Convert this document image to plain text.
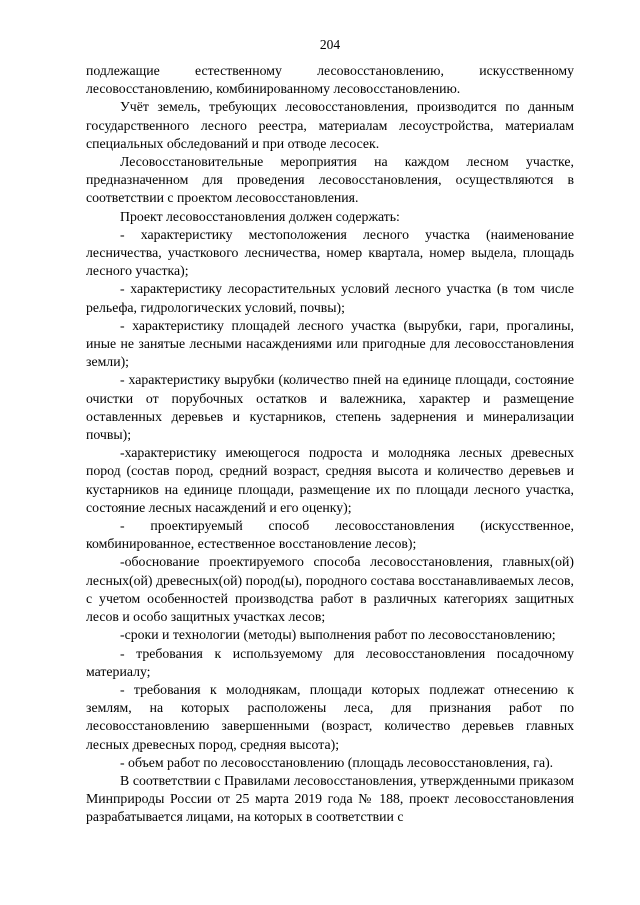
204

подлежащие естественному лесовосстановлению, искусственному лесовосстановлению, комбинированному лесовосстановлению.

Учёт земель, требующих лесовосстановления, производится по данным государственного лесного реестра, материалам лесоустройства, материалам специальных обследований и при отводе лесосек.

Лесовосстановительные мероприятия на каждом лесном участке, предназначенном для проведения лесовосстановления, осуществляются в соответствии с проектом лесовосстановления.

Проект лесовосстановления должен содержать:

- характеристику местоположения лесного участка (наименование лесничества, участкового лесничества, номер квартала, номер выдела, площадь лесного участка);

- характеристику лесорастительных условий лесного участка (в том числе рельефа, гидрологических условий, почвы);

- характеристику площадей лесного участка (вырубки, гари, прогалины, иные не занятые лесными насаждениями или пригодные для лесовосстановления земли);

- характеристику вырубки (количество пней на единице площади, состояние очистки от порубочных остатков и валежника, характер и размещение оставленных деревьев и кустарников, степень задернения и минерализации почвы);

-характеристику имеющегося подроста и молодняка лесных древесных пород (состав пород, средний возраст, средняя высота и количество деревьев и кустарников на единице площади, размещение их по площади лесного участка, состояние лесных насаждений и его оценку);

- проектируемый способ лесовосстановления (искусственное, комбинированное, естественное восстановление лесов);

-обоснование проектируемого способа лесовосстановления, главных(ой) лесных(ой) древесных(ой) пород(ы), породного состава восстанавливаемых лесов, с учетом особенностей производства работ в различных категориях защитных лесов и особо защитных участках лесов;

-сроки и технологии (методы) выполнения работ по лесовосстановлению;

- требования к используемому для лесовосстановления посадочному материалу;

- требования к молоднякам, площади которых подлежат отнесению к землям, на которых расположены леса, для признания работ по лесовосстановлению завершенными (возраст, количество деревьев главных лесных древесных пород, средняя высота);

- объем работ по лесовосстановлению (площадь лесовосстановления, га).

В соответствии с Правилами лесовосстановления, утвержденными приказом Минприроды России от 25 марта 2019 года № 188, проект лесовосстановления разрабатывается лицами, на которых в соответствии с
